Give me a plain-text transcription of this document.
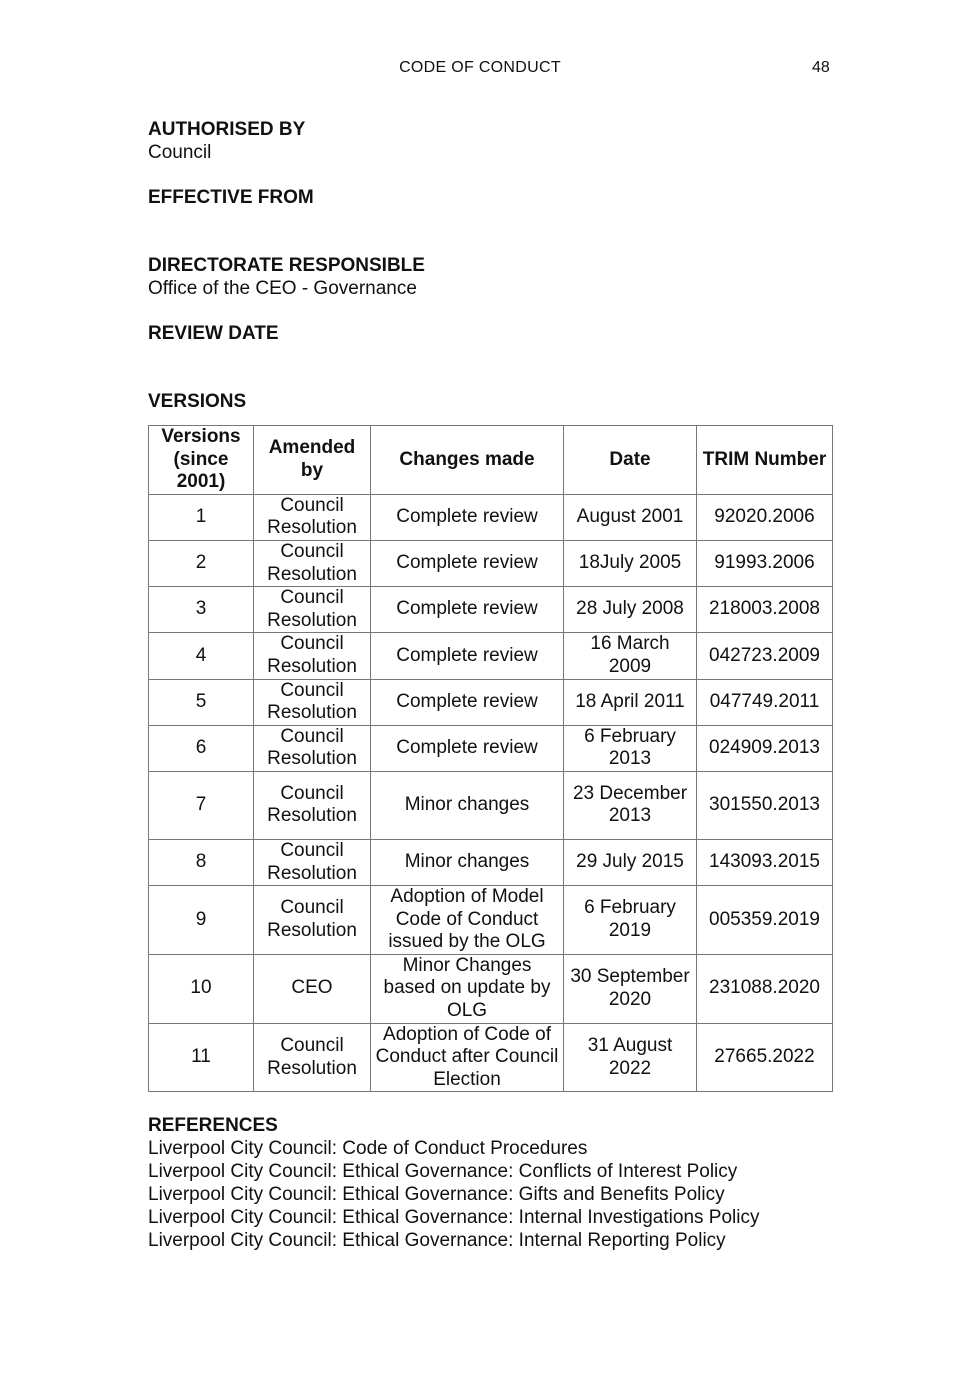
CODE OF CONDUCT	48

AUTHORISED BY

Council

EFFECTIVE FROM

DIRECTORATE RESPONSIBLE

Office of the CEO - Governance

REVIEW DATE

VERSIONS

Versions (since 2001)	Amended by	Changes made	Date	TRIM Number
1	Council Resolution	Complete review	August 2001	92020.2006
2	Council Resolution	Complete review	18July 2005	91993.2006
3	Council Resolution	Complete review	28 July 2008	218003.2008
4	Council Resolution	Complete review	16 March 2009	042723.2009
5	Council Resolution	Complete review	18 April 2011	047749.2011
6	Council Resolution	Complete review	6 February 2013	024909.2013
7	Council Resolution	Minor changes	23 December 2013	301550.2013
8	Council Resolution	Minor changes	29 July 2015	143093.2015
9	Council Resolution	Adoption of Model Code of Conduct issued by the OLG	6 February 2019	005359.2019
10	CEO	Minor Changes based on update by OLG	30 September 2020	231088.2020
11	Council Resolution	Adoption of Code of Conduct after Council Election	31 August 2022	27665.2022

REFERENCES

Liverpool City Council: Code of Conduct Procedures

Liverpool City Council: Ethical Governance: Conflicts of Interest Policy

Liverpool City Council: Ethical Governance: Gifts and Benefits Policy

Liverpool City Council: Ethical Governance: Internal Investigations Policy

Liverpool City Council: Ethical Governance: Internal Reporting Policy
